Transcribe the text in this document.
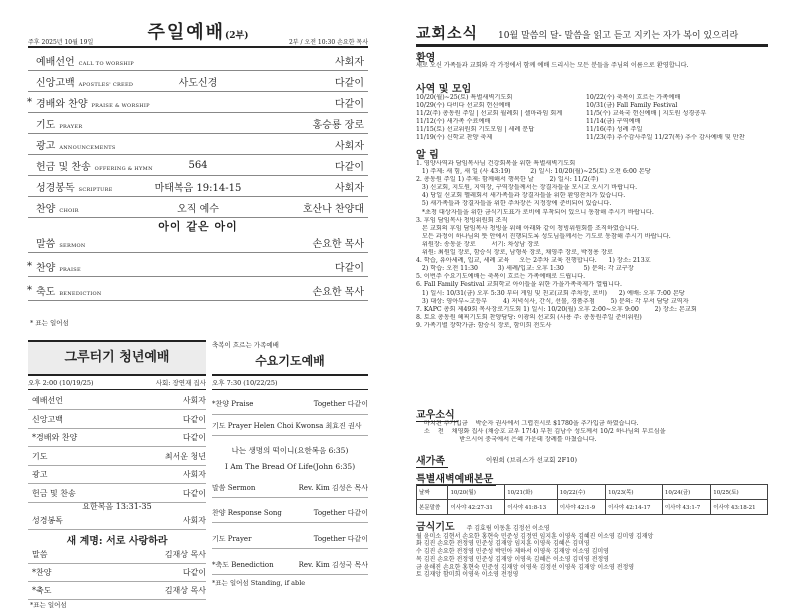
주일예배(2부)
주후 2025년 10월 19일	2부 / 오전 10:30 손요한 목사
예배선언 CALL TO WORSHIP	사회자
신앙고백 APOSTLES' CREED	사도신경	다같이
* 경배와 찬양 PRAISE & WORSHIP	다같이
기도 PRAYER	홍승룡 장로
광고 ANNOUNCEMENTS	사회자
헌금 및 찬송 OFFERING & HYMN	564	다같이
성경봉독 SCRIPTURE	마태복음 19:14-15	사회자
찬양 CHOIR	오직 예수	호산나 찬양대
아이 같은 아이
말씀 SERMON	손요한 목사
* 찬양 PRAISE	다같이
* 축도 BENEDICTION	손요한 목사
* 표는 일어섬
그루터기 청년예배
오후 2:00 (10/19/25)	사회: 장연재 집사
예배선언	사회자
신앙고백	다같이
*경배와 찬양	다같이
기도	최서운 청년
광고	사회자
헌금 및 찬송	다같이
요한복음 13:31-35
성경봉독	사회자
새 계명: 서로 사랑하라
말씀	김재상 목사
*찬양	다같이
*축도	김재상 목사
*표는 일어섬
축복이 흐르는 가족예배
수요기도예배
오후 7:30 (10/22/25)
*찬양 Praise	Together 다같이
기도 Prayer Helen Choi Kwonsa 최효진 권사
나는 생명의 떡이니(요한복음 6:35)
I Am The Bread Of Life(John 6:35)
말씀 Sermon	Rev. Kim 김성은 목사
찬양 Response Song	Together 다같이
기도 Prayer	Together 다같이
*축도 Benediction	Rev. Kim 김성국 목사
*표는 일어섬 Standing, if able
교회소식 10월 말씀의 달- 말씀을 읽고 듣고 지키는 자가 복이 있으리라
환영
새로 오신 가족들과 교회와 각 가정에서 함께 예배 드리시는 모든 분들을 주님의 이름으로 환영합니다.
사역 및 모임
10/20(월)~25(토) 특별새벽기도회	10/22(수) 축복이 흐르는 가족예배
10/29(수) 다비다 선교회 헌신예배	10/31(금) Fall Family Festival
11/2(주) 총동원 주일 | 선교회 월례회 | 셀마라임 회계	11/5(수) 교육국 헌신예배 | 지도원 성경공부
11/12(수) 새가족 수료예배	11/14(금) 구역예배
11/15(토) 선교위원회 기도모임 | 세례 문답	11/16(주) 성례 주일
11/19(수) 신학교 찬양 축제	11/23(주) 추수감사주일 11/27(목) 추수 감사예배 및 만찬
알 림
1. 영양사역과 담임목사님 건강회복을 위한 특별새벽기도회
1) 주제: 새 힘, 새 일 (사 43:19)          2) 일시: 10/20(월)~25(토) 오전 6:00 본당
2. 총동원 주일 1) 주제: 함께해서 행복한 날        2) 일시: 11/2(주)
3) 신교회, 지도원, 지역장, 구역장들께서는 장결자들을 모시고 오시기 바랍니다.
4) 당일 신교회 헬레회서 새가족들과 장결자들을 위한 환영잔치가 있습니다.
5) 새가족들과 장결자들을 위한 주차장은 지정장에 준비되어 있습니다.
*초청 대상자들을 위한 금식기도표가 로비에 부착되어 있으니 동참해 주시기 바랍니다.
3. 후임 담임목사 청빙위원회 조직
본 교회의 후임 담임목사 청빙을 위해 아래와 같이 청빙위원회를 조직하였습니다.
모든 과정이 하나님의 뜻 안에서 진행되도록 성도님들께서는 기도로 동참해 주시기 바랍니다.
위원장: 송동윤 장로        서기: 차상남 장로
위원: 최원일 장로, 함승식 장로, 남형욱 장로, 채영주 장로, 박정용 장로
4. 학습, 유아세례, 입교, 세례 교육     오는 2주차 교육 진행합니다.      1) 장소: 213호
2) 학습: 오전 11:30          3) 세례/입교: 오후 1:30          5) 문의: 각 교구장
5. 이번주 수요기도예배는 축복이 흐르는 가족예배로 드립니다.
6. Fall Family Festival 교회학교 아이들을 위한 가을가족축제가 열립니다.
1) 일시: 10/31(금) 오후 5:30 부터 게임 및 친교(교회 주차장, 로비)      2) 예배: 오후 7:00 본당
3) 대상: 영아부~고등부        4) 저녁식사, 간식, 선물, 경품추첨        5) 문의: 각 부서 담당 교역자
7. KAPC 총회 제49회 목사장로기도회 1) 일시: 10/20(월) 오후 2:00~오후 9:00        2) 장소: 본교회
8. 토요 총동원 헤픽기도회 찬양담당: 이광의 선교회 (사용 주: 총동원주일 준비위원)
9. 가족기별 장학가금: 함승식 장로, 함미희 전도사
교우소식
마치된 추가입금    박순자 권사에서 그렵진시로 $1780을 추가입금 하였습니다.
소    천    채영화 집사 (채승호 교우 17!4) 부친 김남수 성도께서 10/2 하나님의 부르심을
받으시어 중국에서 은혜 가운데 장례를 마쳤습니다.
새가족	이원희 (브리스가 선교회 2F10)
특별새벽예배본문
날짜	10/20(월)	10/21(화)	10/22(수)	10/23(목)	10/24(금)	10/25(토)
본문말씀	이사야 42:27-31	이사야 41:8-13	이사야 42:1-9	이사야 42:14-17	이사야 43:1-7	이사야 43:18-21
금식기도 주 김효림 이동훈 김정선 이소영
월 윤미소 김현서 손요한 홍현숙 민준성 김정연 임지훈 이영욱 김혜진 이소영 김미영 김재앙
화 김진 손요한 전정영 민준성 김재앙 임지훈 이영욱 김혜은 김미영
수 김진 손요한 전정영 민준성 박민아 제하서 이영욱 김재앙 이소영 김미영
목 김진 손요한 전정영 민준성 김재앙 이영욱 김혜은 이소영 김미영 전정영
금 윤해진 손요한 홍현숙 민준성 김재앙 이영욱 김정선 이영욱 김재앙 이소영 전정영
토 김재앙 함미희 이영욱 이소영 전정영
